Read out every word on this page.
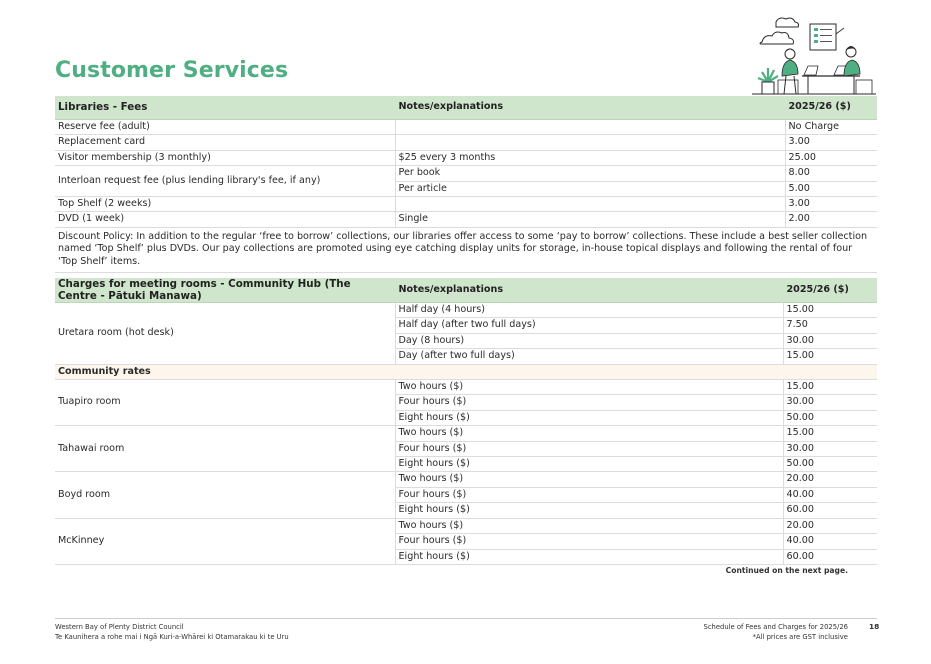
Customer Services
Libraries - Fees	Notes/explanations	2025/26 ($)
Reserve fee (adult)		No Charge
Replacement card		3.00
Visitor membership (3 monthly)	$25 every 3 months	25.00
Interloan request fee (plus lending library's fee, if any)	Per book	8.00
	Per article	5.00
Top Shelf (2 weeks)		3.00
DVD (1 week)	Single	2.00
Discount Policy: In addition to the regular ‘free to borrow’ collections, our libraries offer access to some ‘pay to borrow’ collections. These include a best seller collection named ‘Top Shelf’ plus DVDs. Our pay collections are promoted using eye catching display units for storage, in-house topical displays and following the rental of four ‘Top Shelf’ items.		
Charges for meeting rooms - Community Hub (The Centre - Pātuki Manawa)	Notes/explanations	2025/26 ($)
Uretara room (hot desk)	Half day (4 hours)	15.00
	Half day (after two full days)	7.50
	Day (8 hours)	30.00
	Day (after two full days)	15.00
Community rates		
Tuapiro room	Two hours ($)	15.00
	Four hours ($)	30.00
	Eight hours ($)	50.00
Tahawai room	Two hours ($)	15.00
	Four hours ($)	30.00
	Eight hours ($)	50.00
Boyd room	Two hours ($)	20.00
	Four hours ($)	40.00
	Eight hours ($)	60.00
McKinney	Two hours ($)	20.00
	Four hours ($)	40.00
	Eight hours ($)	60.00
Continued on the next page.
Western Bay of Plenty District Council
Te Kaunihera a rohe mai i Ngā Kuri-a-Whārei ki Otamarakau ki te Uru
Schedule of Fees and Charges for 2025/26
*All prices are GST inclusive
18
